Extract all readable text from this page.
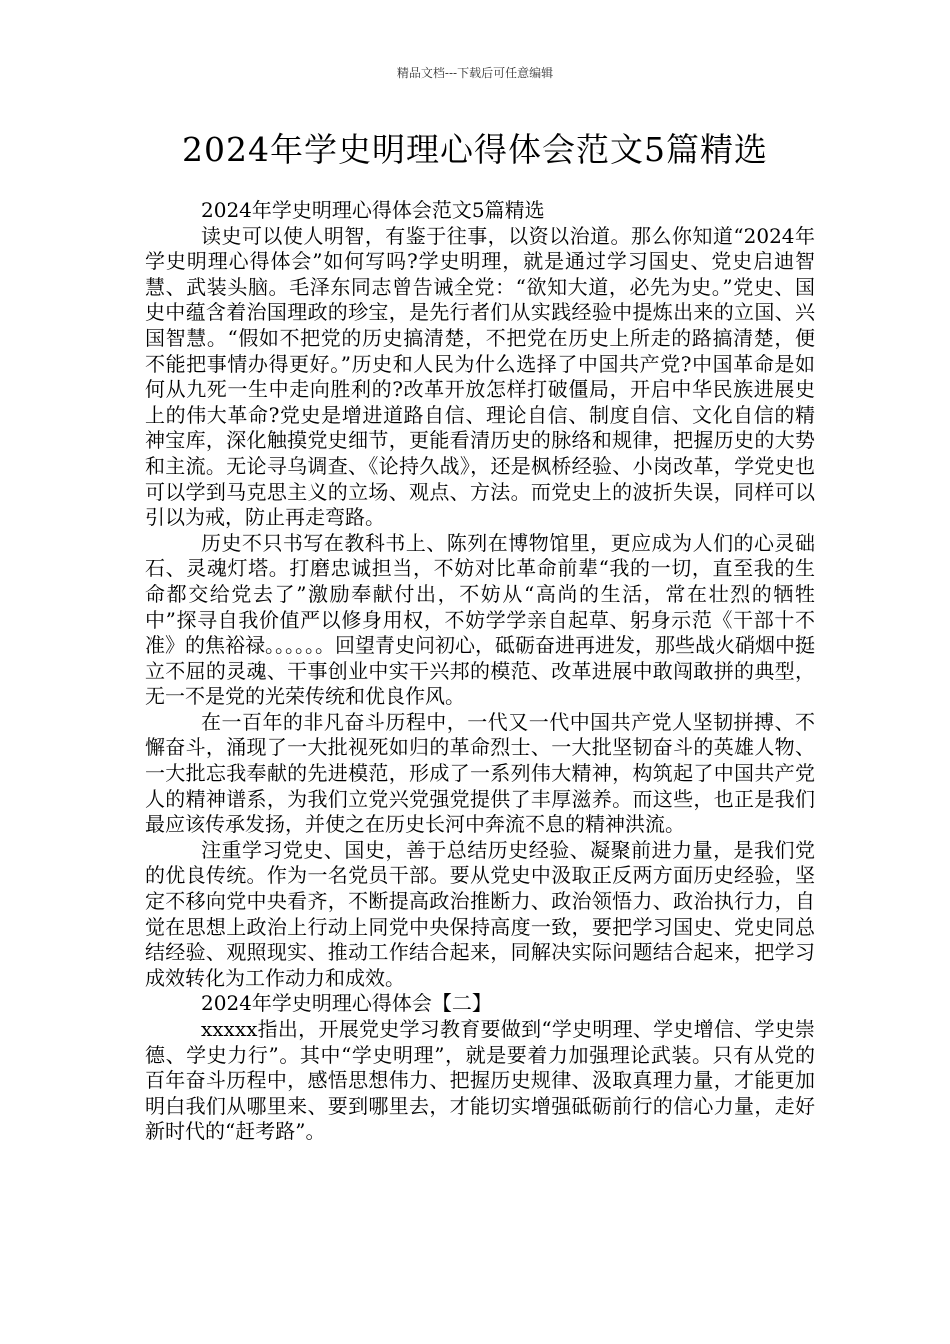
精品文档---下载后可任意编辑
2024年学史明理心得体会范文5篇精选

2024年学史明理心得体会范文5篇精选

读史可以使人明智，有鉴于往事，以资以治道。那么你知道“2024年学史明理心得体会”如何写吗?学史明理，就是通过学习国史、党史启迪智慧、武装头脑。毛泽东同志曾告诫全党：“欲知大道，必先为史。”党史、国史中蕴含着治国理政的珍宝，是先行者们从实践经验中提炼出来的立国、兴国智慧。“假如不把党的历史搞清楚，不把党在历史上所走的路搞清楚，便不能把事情办得更好。”历史和人民为什么选择了中国共产党?中国革命是如何从九死一生中走向胜利的?改革开放怎样打破僵局，开启中华民族进展史上的伟大革命?党史是增进道路自信、理论自信、制度自信、文化自信的精神宝库，深化触摸党史细节，更能看清历史的脉络和规律，把握历史的大势和主流。无论寻乌调查、《论持久战》，还是枫桥经验、小岗改革，学党史也可以学到马克思主义的立场、观点、方法。而党史上的波折失误，同样可以引以为戒，防止再走弯路。

历史不只书写在教科书上、陈列在博物馆里，更应成为人们的心灵础石、灵魂灯塔。打磨忠诚担当，不妨对比革命前辈“我的一切，直至我的生命都交给党去了”激励奉献付出，不妨从“高尚的生活，常在壮烈的牺牲中”探寻自我价值严以修身用权，不妨学学亲自起草、躬身示范《干部十不准》的焦裕禄。。。。。。回望青史问初心，砥砺奋进再进发，那些战火硝烟中挺立不屈的灵魂、干事创业中实干兴邦的模范、改革进展中敢闯敢拼的典型，无一不是党的光荣传统和优良作风。

在一百年的非凡奋斗历程中，一代又一代中国共产党人坚韧拼搏、不懈奋斗，涌现了一大批视死如归的革命烈士、一大批坚韧奋斗的英雄人物、一大批忘我奉献的先进模范，形成了一系列伟大精神，构筑起了中国共产党人的精神谱系，为我们立党兴党强党提供了丰厚滋养。而这些，也正是我们最应该传承发扬，并使之在历史长河中奔流不息的精神洪流。

注重学习党史、国史，善于总结历史经验、凝聚前进力量，是我们党的优良传统。作为一名党员干部。要从党史中汲取正反两方面历史经验，坚定不移向党中央看齐，不断提高政治推断力、政治领悟力、政治执行力，自觉在思想上政治上行动上同党中央保持高度一致，要把学习国史、党史同总结经验、观照现实、推动工作结合起来，同解决实际问题结合起来，把学习成效转化为工作动力和成效。

2024年学史明理心得体会【二】

xxxxx指出，开展党史学习教育要做到“学史明理、学史增信、学史崇德、学史力行”。其中“学史明理”，就是要着力加强理论武装。只有从党的百年奋斗历程中，感悟思想伟力、把握历史规律、汲取真理力量，才能更加明白我们从哪里来、要到哪里去，才能切实增强砥砺前行的信心力量，走好新时代的“赶考路”。
